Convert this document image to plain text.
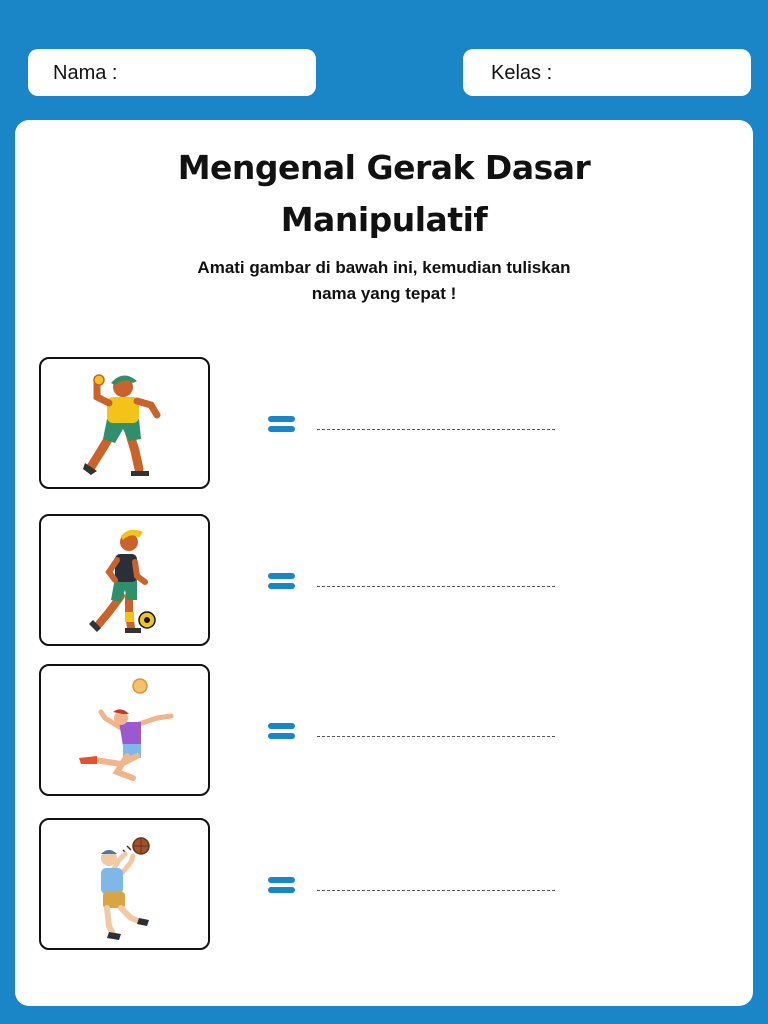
Nama :	Kelas :
Mengenal Gerak Dasar
Manipulatif
Amati gambar di bawah ini, kemudian tuliskan
nama yang tepat !
